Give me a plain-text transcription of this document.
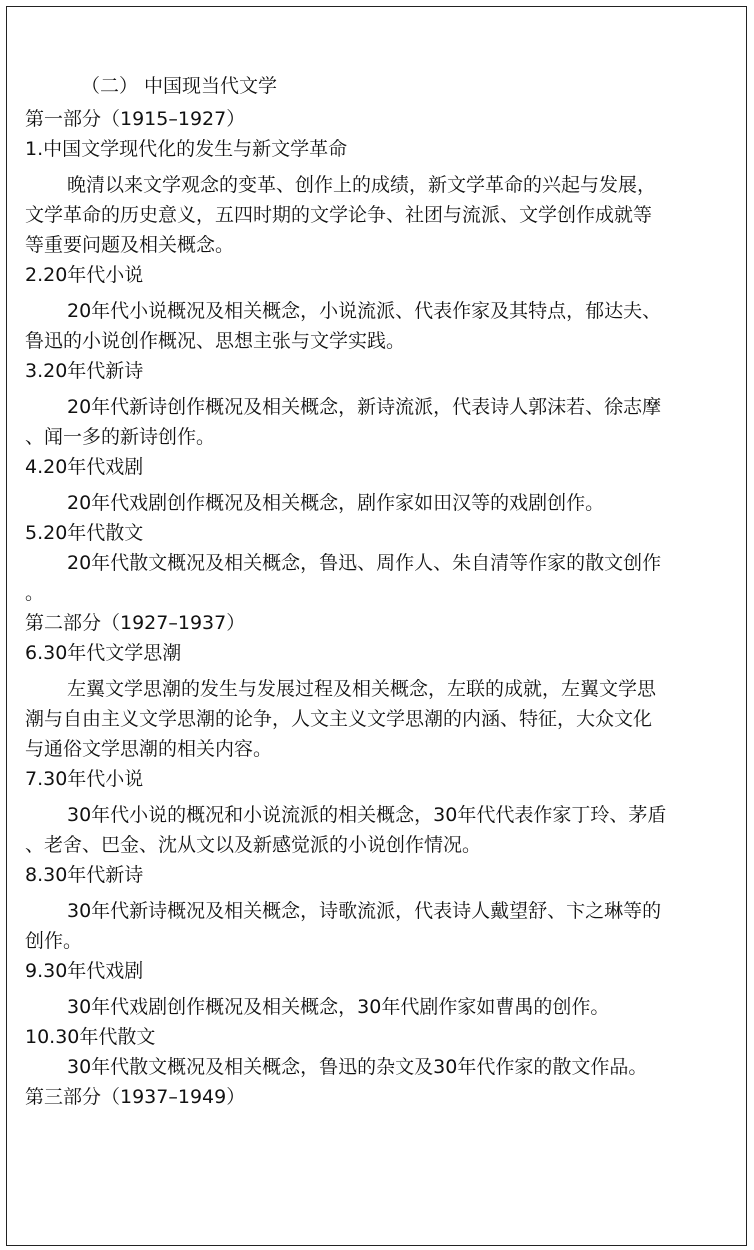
（二） 中国现当代文学
第一部分（1915–1927）
1.中国文学现代化的发生与新文学革命
晚清以来文学观念的变革、创作上的成绩，新文学革命的兴起与发展，
文学革命的历史意义，五四时期的文学论争、社团与流派、文学创作成就等
等重要问题及相关概念。
2.20年代小说
20年代小说概况及相关概念，小说流派、代表作家及其特点，郁达夫、
鲁迅的小说创作概况、思想主张与文学实践。
3.20年代新诗
20年代新诗创作概况及相关概念，新诗流派，代表诗人郭沫若、徐志摩
、闻一多的新诗创作。
4.20年代戏剧
20年代戏剧创作概况及相关概念，剧作家如田汉等的戏剧创作。
5.20年代散文
20年代散文概况及相关概念，鲁迅、周作人、朱自清等作家的散文创作
。
第二部分（1927–1937）
6.30年代文学思潮
左翼文学思潮的发生与发展过程及相关概念，左联的成就，左翼文学思
潮与自由主义文学思潮的论争，人文主义文学思潮的内涵、特征，大众文化
与通俗文学思潮的相关内容。
7.30年代小说
30年代小说的概况和小说流派的相关概念，30年代代表作家丁玲、茅盾
、老舍、巴金、沈从文以及新感觉派的小说创作情况。
8.30年代新诗
30年代新诗概况及相关概念，诗歌流派，代表诗人戴望舒、卞之琳等的
创作。
9.30年代戏剧
30年代戏剧创作概况及相关概念，30年代剧作家如曹禺的创作。
10.30年代散文
30年代散文概况及相关概念，鲁迅的杂文及30年代作家的散文作品。
第三部分（1937–1949）
